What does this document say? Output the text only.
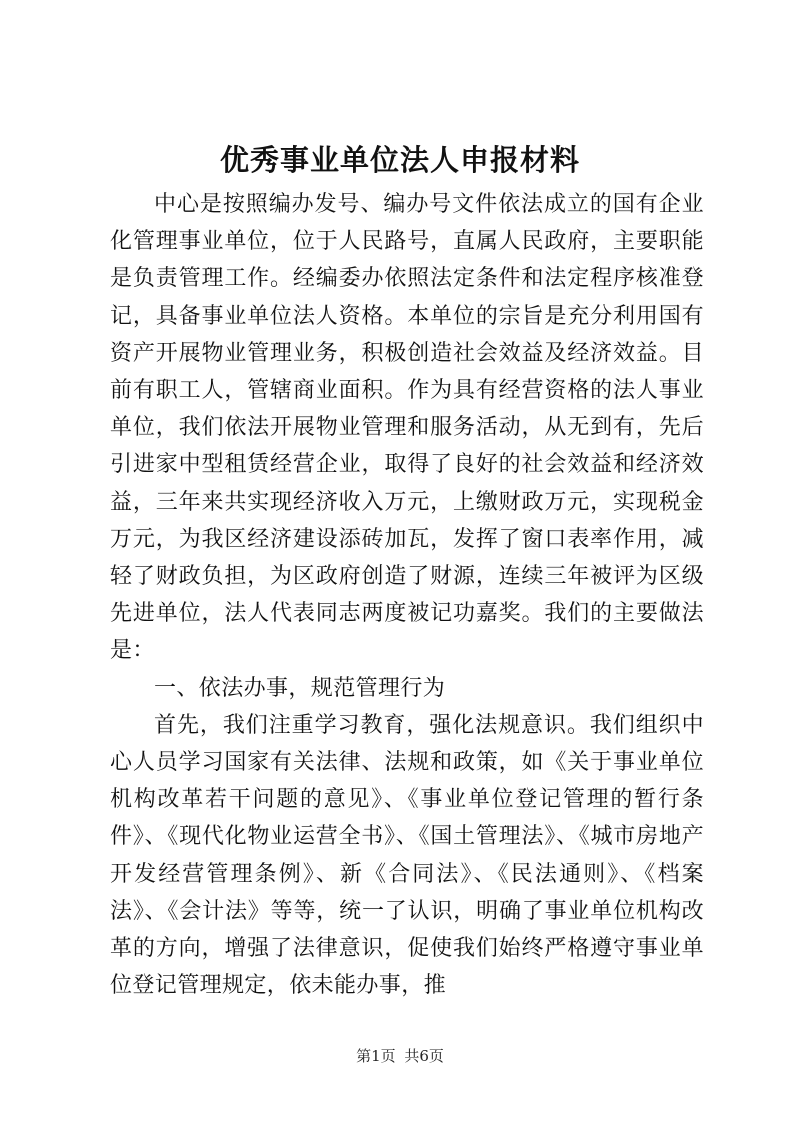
优秀事业单位法人申报材料

中心是按照编办发号、编办号文件依法成立的国有企业化管理事业单位，位于人民路号，直属人民政府，主要职能是负责管理工作。经编委办依照法定条件和法定程序核准登记，具备事业单位法人资格。本单位的宗旨是充分利用国有资产开展物业管理业务，积极创造社会效益及经济效益。目前有职工人，管辖商业面积。作为具有经营资格的法人事业单位，我们依法开展物业管理和服务活动，从无到有，先后引进家中型租赁经营企业，取得了良好的社会效益和经济效益，三年来共实现经济收入万元，上缴财政万元，实现税金万元，为我区经济建设添砖加瓦，发挥了窗口表率作用，减轻了财政负担，为区政府创造了财源，连续三年被评为区级先进单位，法人代表同志两度被记功嘉奖。我们的主要做法是：

一、依法办事，规范管理行为

首先，我们注重学习教育，强化法规意识。我们组织中心人员学习国家有关法律、法规和政策，如《关于事业单位机构改革若干问题的意见》、《事业单位登记管理的暂行条件》、《现代化物业运营全书》、《国土管理法》、《城市房地产开发经营管理条例》、新《合同法》、《民法通则》、《档案法》、《会计法》等等，统一了认识，明确了事业单位机构改革的方向，增强了法律意识，促使我们始终严格遵守事业单位登记管理规定，依未能办事，推

第1页 共6页
